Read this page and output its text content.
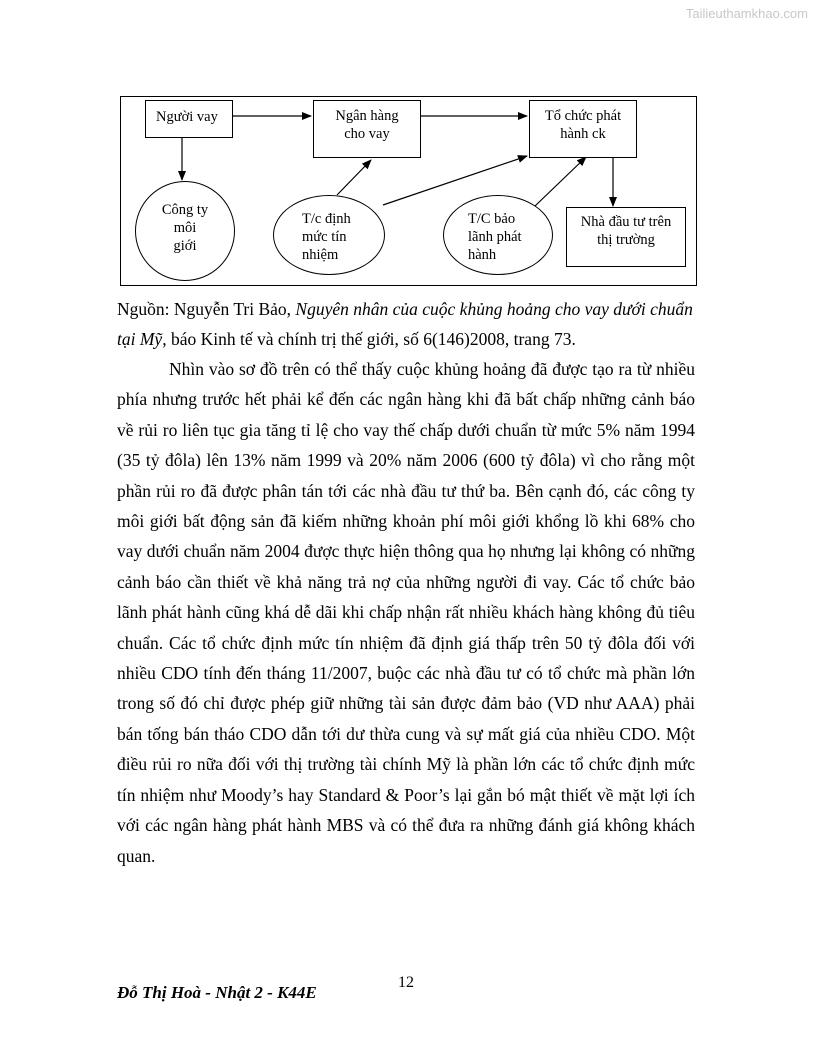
Tailieuthamkhao.com
Người vay	Ngân hàng
cho vay
Tổ chức phát
hành ck
Công ty
môi
giới
T/c định
mức tín
nhiệm
T/C bảo
lãnh phát
hành
Nhà đầu tư trên
thị trường
Nguồn: Nguyễn Tri Bảo, Nguyên nhân của cuộc khủng hoảng cho vay dưới chuẩn tại Mỹ, báo Kinh tế và chính trị thế giới, số 6(146)2008, trang 73.

Nhìn vào sơ đồ trên có thể thấy cuộc khủng hoảng đã được tạo ra từ nhiều phía nhưng trước hết phải kể đến các ngân hàng khi đã bất chấp những cảnh báo về rủi ro liên tục gia tăng tỉ lệ cho vay thế chấp dưới chuẩn từ mức 5% năm 1994 (35 tỷ đôla) lên 13% năm 1999 và 20% năm 2006 (600 tỷ đôla) vì cho rằng một phần rủi ro đã được phân tán tới các nhà đầu tư thứ ba. Bên cạnh đó, các công ty môi giới bất động sản đã kiếm những khoản phí môi giới khổng lồ khi 68% cho vay dưới chuẩn năm 2004 được thực hiện thông qua họ nhưng lại không có những cảnh báo cần thiết về khả năng trả nợ của những người đi vay. Các tổ chức bảo lãnh phát hành cũng khá dễ dãi khi chấp nhận rất nhiều khách hàng không đủ tiêu chuẩn. Các tổ chức định mức tín nhiệm đã định giá thấp trên 50 tỷ đôla đối với nhiều CDO tính đến tháng 11/2007, buộc các nhà đầu tư có tổ chức mà phần lớn trong số đó chỉ được phép giữ những tài sản được đảm bảo (VD như AAA) phải bán tống bán tháo CDO dẫn tới dư thừa cung và sự mất giá của nhiều CDO. Một điều rủi ro nữa đối với thị trường tài chính Mỹ là phần lớn các tổ chức định mức tín nhiệm như Moody’s hay Standard & Poor’s lại gắn bó mật thiết về mặt lợi ích với các ngân hàng phát hành MBS và có thể đưa ra những đánh giá không khách quan.

Đỗ Thị Hoà - Nhật 2 - K44E
12
